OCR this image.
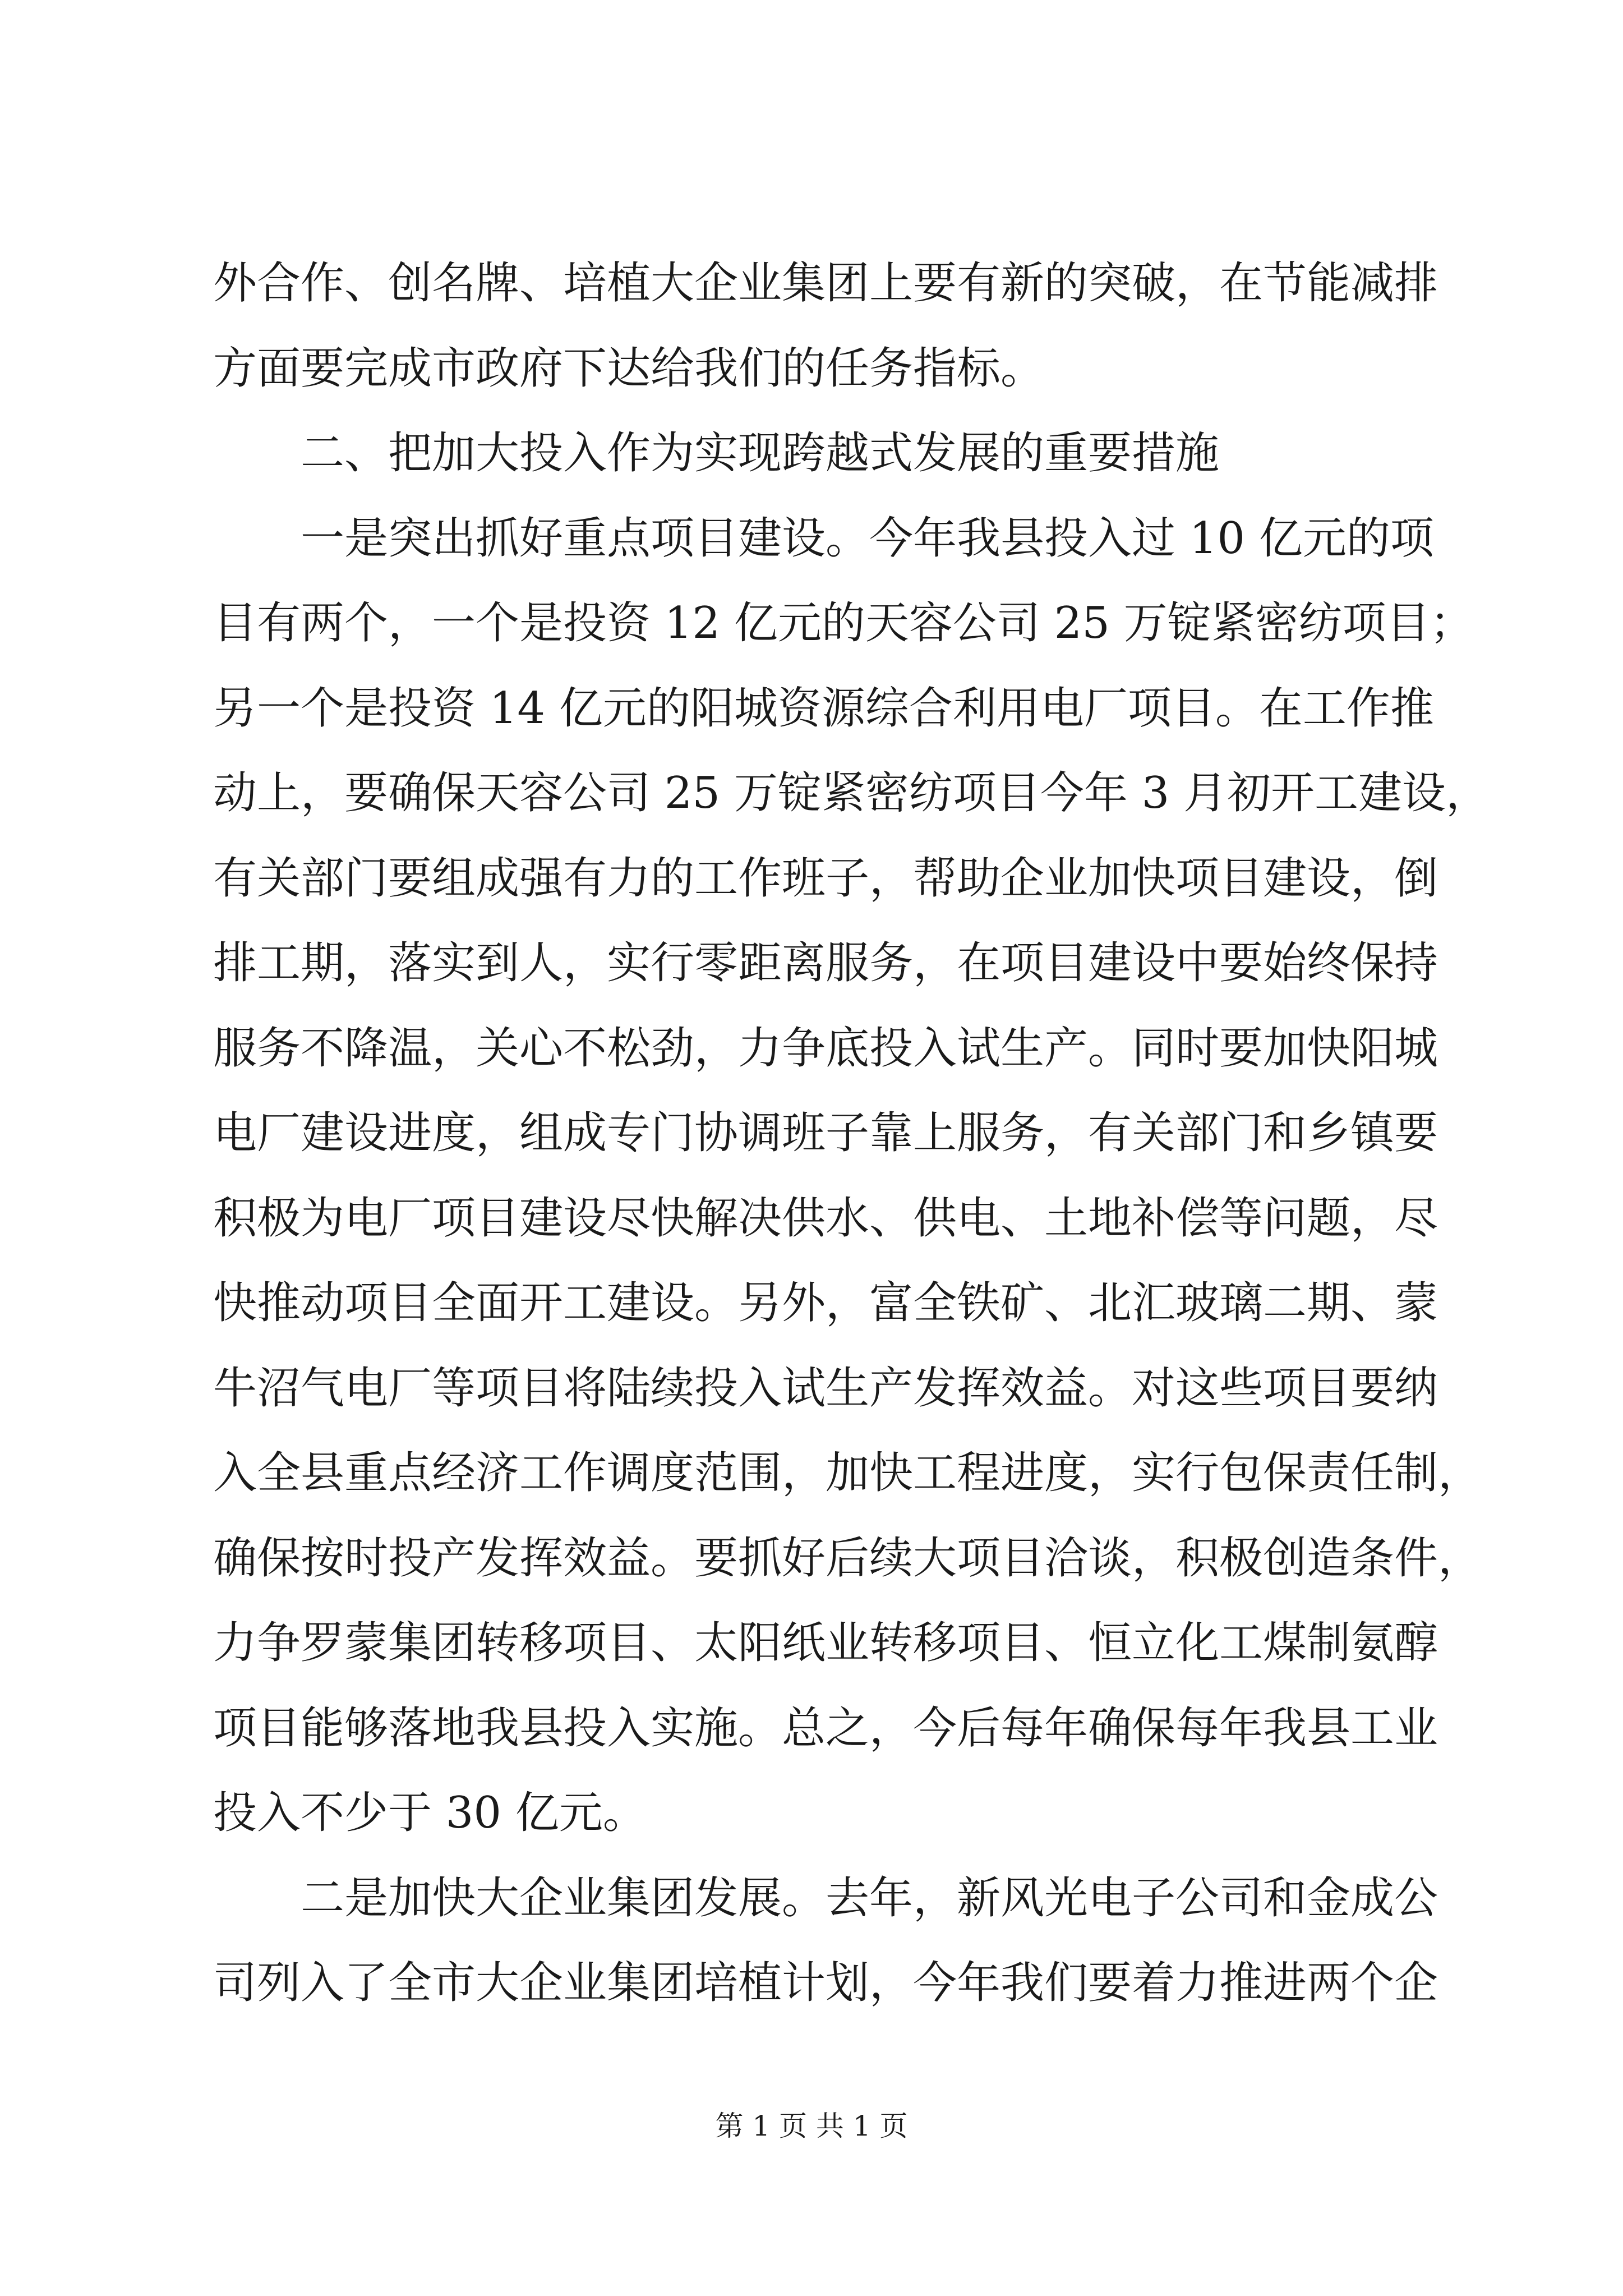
外合作、创名牌、培植大企业集团上要有新的突破，在节能减排
方面要完成市政府下达给我们的任务指标。
　　二、把加大投入作为实现跨越式发展的重要措施
　　一是突出抓好重点项目建设。今年我县投入过 10 亿元的项
目有两个，一个是投资 12 亿元的天容公司 25 万锭紧密纺项目；
另一个是投资 14 亿元的阳城资源综合利用电厂项目。在工作推
动上，要确保天容公司 25 万锭紧密纺项目今年 3 月初开工建设，
有关部门要组成强有力的工作班子，帮助企业加快项目建设，倒
排工期，落实到人，实行零距离服务，在项目建设中要始终保持
服务不降温，关心不松劲，力争底投入试生产。同时要加快阳城
电厂建设进度，组成专门协调班子靠上服务，有关部门和乡镇要
积极为电厂项目建设尽快解决供水、供电、土地补偿等问题，尽
快推动项目全面开工建设。另外，富全铁矿、北汇玻璃二期、蒙
牛沼气电厂等项目将陆续投入试生产发挥效益。对这些项目要纳
入全县重点经济工作调度范围，加快工程进度，实行包保责任制，
确保按时投产发挥效益。要抓好后续大项目洽谈，积极创造条件，
力争罗蒙集团转移项目、太阳纸业转移项目、恒立化工煤制氨醇
项目能够落地我县投入实施。总之，今后每年确保每年我县工业
投入不少于 30 亿元。
　　二是加快大企业集团发展。去年，新风光电子公司和金成公
司列入了全市大企业集团培植计划，今年我们要着力推进两个企
第 1 页 共 1 页
